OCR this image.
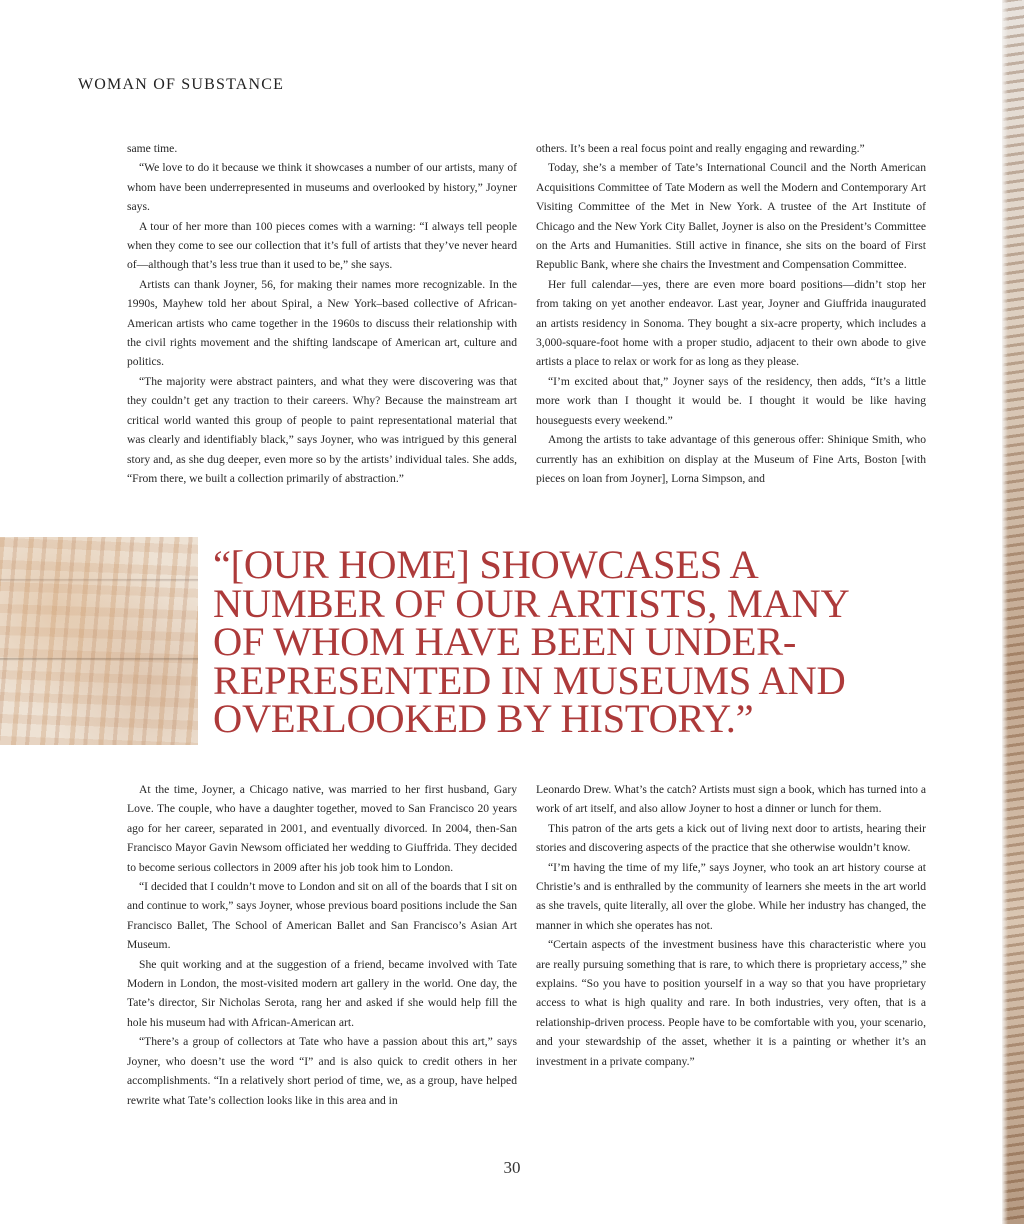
WOMAN OF SUBSTANCE

same time.

“We love to do it because we think it showcases a number of our artists, many of whom have been underrepresented in museums and overlooked by history,” Joyner says.

A tour of her more than 100 pieces comes with a warning: “I always tell people when they come to see our collection that it’s full of artists that they’ve never heard of—although that’s less true than it used to be,” she says.

Artists can thank Joyner, 56, for making their names more recognizable. In the 1990s, Mayhew told her about Spiral, a New York–based collective of African-American artists who came together in the 1960s to discuss their relationship with the civil rights movement and the shifting landscape of American art, culture and politics.

“The majority were abstract painters, and what they were discovering was that they couldn’t get any traction to their careers. Why? Because the mainstream art critical world wanted this group of people to paint representational material that was clearly and identifiably black,” says Joyner, who was intrigued by this general story and, as she dug deeper, even more so by the artists’ individual tales. She adds, “From there, we built a collection primarily of abstraction.”

others. It’s been a real focus point and really engaging and rewarding.”

Today, she’s a member of Tate’s International Council and the North American Acquisitions Committee of Tate Modern as well the Modern and Contemporary Art Visiting Committee of the Met in New York. A trustee of the Art Institute of Chicago and the New York City Ballet, Joyner is also on the President’s Committee on the Arts and Humanities. Still active in finance, she sits on the board of First Republic Bank, where she chairs the Investment and Compensation Committee.

Her full calendar—yes, there are even more board positions—didn’t stop her from taking on yet another endeavor. Last year, Joyner and Giuffrida inaugurated an artists residency in Sonoma. They bought a six-acre property, which includes a 3,000-square-foot home with a proper studio, adjacent to their own abode to give artists a place to relax or work for as long as they please.

“I’m excited about that,” Joyner says of the residency, then adds, “It’s a little more work than I thought it would be. I thought it would be like having houseguests every weekend.”

Among the artists to take advantage of this generous offer: Shinique Smith, who currently has an exhibition on display at the Museum of Fine Arts, Boston [with pieces on loan from Joyner], Lorna Simpson, and

“[OUR HOME] SHOWCASES A
NUMBER OF OUR ARTISTS, MANY
OF WHOM HAVE BEEN UNDER-
REPRESENTED IN MUSEUMS AND
OVERLOOKED BY HISTORY.”

At the time, Joyner, a Chicago native, was married to her first husband, Gary Love. The couple, who have a daughter together, moved to San Francisco 20 years ago for her career, separated in 2001, and eventually divorced. In 2004, then-San Francisco Mayor Gavin Newsom officiated her wedding to Giuffrida. They decided to become serious collectors in 2009 after his job took him to London.

“I decided that I couldn’t move to London and sit on all of the boards that I sit on and continue to work,” says Joyner, whose previous board positions include the San Francisco Ballet, The School of American Ballet and San Francisco’s Asian Art Museum.

She quit working and at the suggestion of a friend, became involved with Tate Modern in London, the most-visited modern art gallery in the world. One day, the Tate’s director, Sir Nicholas Serota, rang her and asked if she would help fill the hole his museum had with African-American art.

“There’s a group of collectors at Tate who have a passion about this art,” says Joyner, who doesn’t use the word “I” and is also quick to credit others in her accomplishments. “In a relatively short period of time, we, as a group, have helped rewrite what Tate’s collection looks like in this area and in

Leonardo Drew. What’s the catch? Artists must sign a book, which has turned into a work of art itself, and also allow Joyner to host a dinner or lunch for them.

This patron of the arts gets a kick out of living next door to artists, hearing their stories and discovering aspects of the practice that she otherwise wouldn’t know.

“I’m having the time of my life,” says Joyner, who took an art history course at Christie’s and is enthralled by the community of learners she meets in the art world as she travels, quite literally, all over the globe. While her industry has changed, the manner in which she operates has not.

“Certain aspects of the investment business have this characteristic where you are really pursuing something that is rare, to which there is proprietary access,” she explains. “So you have to position yourself in a way so that you have proprietary access to what is high quality and rare. In both industries, very often, that is a relationship-driven process. People have to be comfortable with you, your scenario, and your stewardship of the asset, whether it is a painting or whether it’s an investment in a private company.”

30
